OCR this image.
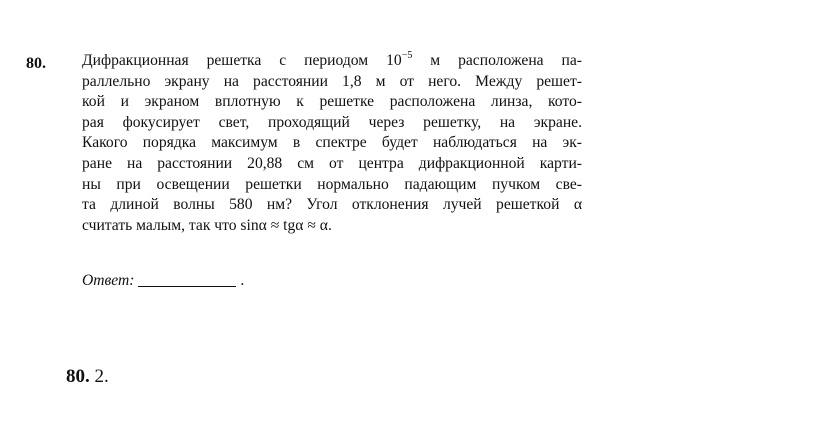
80. Дифракционная решетка с периодом $10^{-5}$ м расположена па-
раллельно экрану на расстоянии 1,8 м от него. Между решет-
кой и экраном вплотную к решетке расположена линза, кото-
рая фокусирует свет, проходящий через решетку, на экране.
Какого порядка максимум в спектре будет наблюдаться на эк-
ране на расстоянии 20,88 см от центра дифракционной карти-
ны при освещении решетки нормально падающим пучком све-
та длиной волны 580 нм? Угол отклонения лучей решеткой α
считать малым, так что sinα ≈ tgα ≈ α.
Ответ:	.
80. 2.
